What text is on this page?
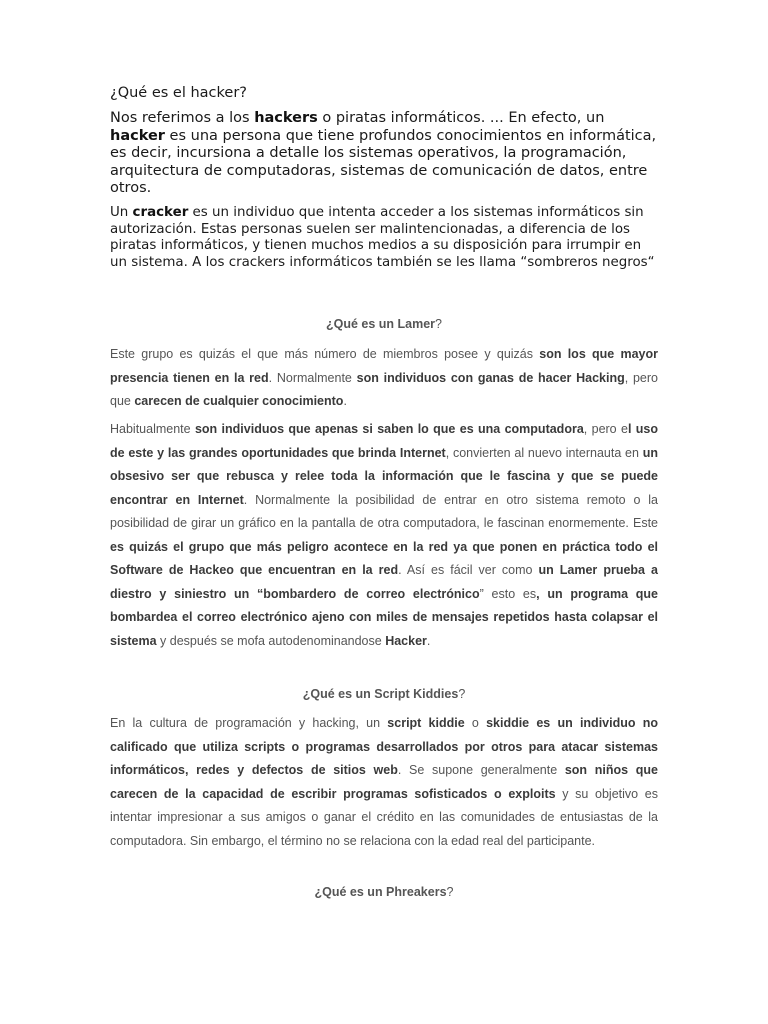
¿Qué es el hacker?

Nos referimos a los hackers o piratas informáticos. ... En efecto, un hacker es una persona que tiene profundos conocimientos en informática, es decir, incursiona a detalle los sistemas operativos, la programación, arquitectura de computadoras, sistemas de comunicación de datos, entre otros.

Un cracker es un individuo que intenta acceder a los sistemas informáticos sin autorización. Estas personas suelen ser malintencionadas, a diferencia de los piratas informáticos, y tienen muchos medios a su disposición para irrumpir en un sistema. A los crackers informáticos también se les llama “sombreros negros“

¿Qué es un Lamer?

Este grupo es quizás el que más número de miembros posee y quizás son los que mayor presencia tienen en la red. Normalmente son individuos con ganas de hacer Hacking, pero que carecen de cualquier conocimiento.

Habitualmente son individuos que apenas si saben lo que es una computadora, pero el uso de este y las grandes oportunidades que brinda Internet, convierten al nuevo internauta en un obsesivo ser que rebusca y relee toda la información que le fascina y que se puede encontrar en Internet. Normalmente la posibilidad de entrar en otro sistema remoto o la posibilidad de girar un gráfico en la pantalla de otra computadora, le fascinan enormemente. Este es quizás el grupo que más peligro acontece en la red ya que ponen en práctica todo el Software de Hackeo que encuentran en la red. Así es fácil ver como un Lamer prueba a diestro y siniestro un “bombardero de correo electrónico” esto es, un programa que bombardea el correo electrónico ajeno con miles de mensajes repetidos hasta colapsar el sistema y después se mofa autodenominandose Hacker.

¿Qué es un Script Kiddies?

En la cultura de programación y hacking, un script kiddie o skiddie es un individuo no calificado que utiliza scripts o programas desarrollados por otros para atacar sistemas informáticos, redes y defectos de sitios web. Se supone generalmente son niños que carecen de la capacidad de escribir programas sofisticados o exploits y su objetivo es intentar impresionar a sus amigos o ganar el crédito en las comunidades de entusiastas de la computadora. Sin embargo, el término no se relaciona con la edad real del participante.

¿Qué es un Phreakers?
